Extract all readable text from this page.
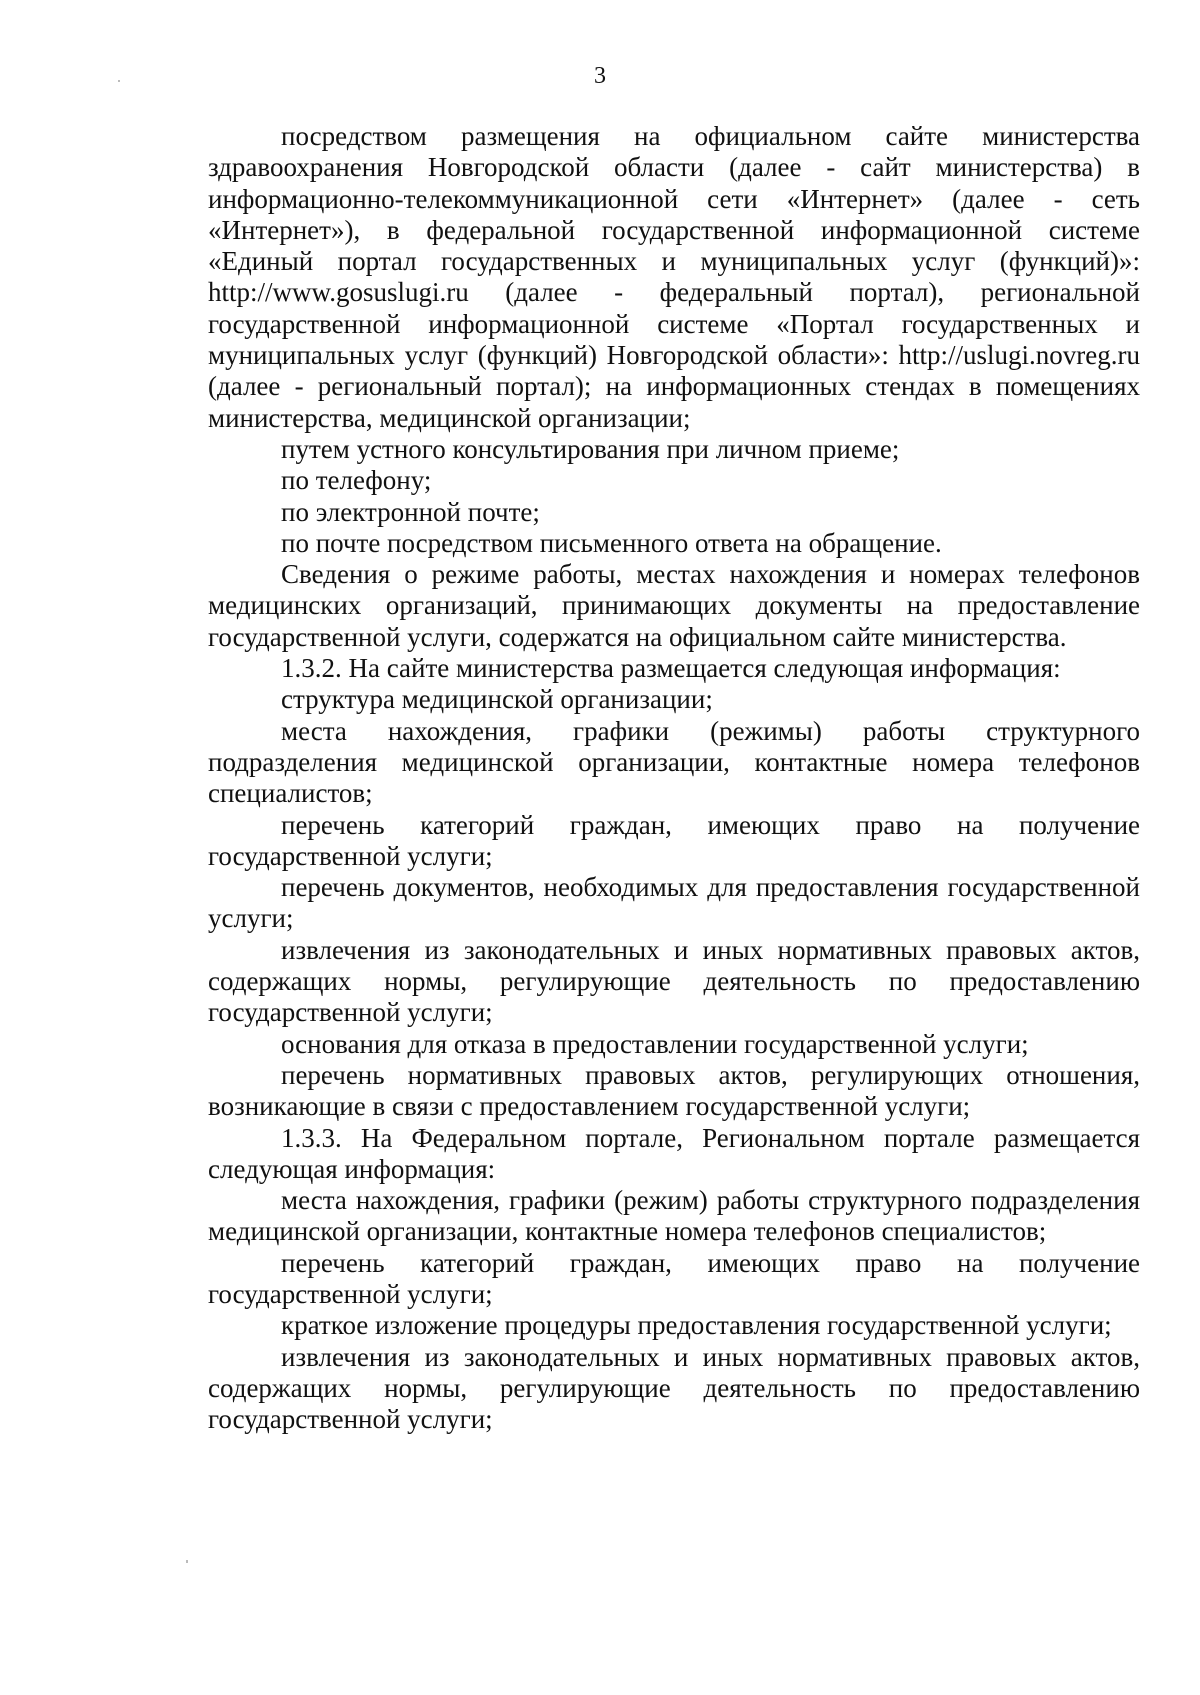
3

посредством размещения на официальном сайте министерства здравоохранения Новгородской области (далее - сайт министерства) в информационно-телекоммуникационной сети «Интернет» (далее - сеть «Интернет»), в федеральной государственной информационной системе «Единый портал государственных и муниципальных услуг (функций)»: http://www.gosuslugi.ru (далее - федеральный портал), региональной государственной информационной системе «Портал государственных и муниципальных услуг (функций) Новгородской области»: http://uslugi.novreg.ru (далее - региональный портал); на информационных стендах в помещениях министерства, медицинской организации;

путем устного консультирования при личном приеме;

по телефону;

по электронной почте;

по почте посредством письменного ответа на обращение.

Сведения о режиме работы, местах нахождения и номерах телефонов медицинских организаций, принимающих документы на предоставление государственной услуги, содержатся на официальном сайте министерства.

1.3.2. На сайте министерства размещается следующая информация:

структура медицинской организации;

места нахождения, графики (режимы) работы структурного подразделения медицинской организации, контактные номера телефонов специалистов;

перечень категорий граждан, имеющих право на получение государственной услуги;

перечень документов, необходимых для предоставления государственной услуги;

извлечения из законодательных и иных нормативных правовых актов, содержащих нормы, регулирующие деятельность по предоставлению государственной услуги;

основания для отказа в предоставлении государственной услуги;

перечень нормативных правовых актов, регулирующих отношения, возникающие в связи с предоставлением государственной услуги;

1.3.3. На Федеральном портале, Региональном портале размещается следующая информация:

места нахождения, графики (режим) работы структурного подразделения медицинской организации, контактные номера телефонов специалистов;

перечень категорий граждан, имеющих право на получение государственной услуги;

краткое изложение процедуры предоставления государственной услуги;

извлечения из законодательных и иных нормативных правовых актов, содержащих нормы, регулирующие деятельность по предоставлению государственной услуги;
